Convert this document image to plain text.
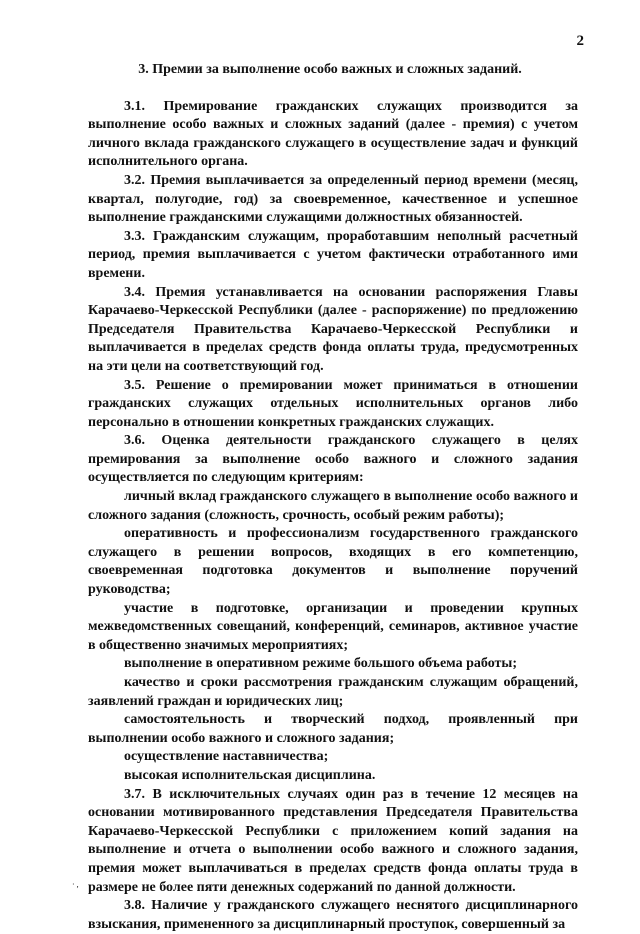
2

3. Премии за выполнение особо важных и сложных заданий.

3.1. Премирование гражданских служащих производится за выполнение особо важных и сложных заданий (далее - премия) с учетом личного вклада гражданского служащего в осуществление задач и функций исполнительного органа.

3.2. Премия выплачивается за определенный период времени (месяц, квартал, полугодие, год) за своевременное, качественное и успешное выполнение гражданскими служащими должностных обязанностей.

3.3. Гражданским служащим, проработавшим неполный расчетный период, премия выплачивается с учетом фактически отработанного ими времени.

3.4. Премия устанавливается на основании распоряжения Главы Карачаево-Черкесской Республики (далее - распоряжение) по предложению Председателя Правительства Карачаево-Черкесской Республики и выплачивается в пределах средств фонда оплаты труда, предусмотренных на эти цели на соответствующий год.

3.5. Решение о премировании может приниматься в отношении гражданских служащих отдельных исполнительных органов либо персонально в отношении конкретных гражданских служащих.

3.6. Оценка деятельности гражданского служащего в целях премирования за выполнение особо важного и сложного задания осуществляется по следующим критериям:

личный вклад гражданского служащего в выполнение особо важного и сложного задания (сложность, срочность, особый режим работы);

оперативность и профессионализм государственного гражданского служащего в решении вопросов, входящих в его компетенцию, своевременная подготовка документов и выполнение поручений руководства;

участие в подготовке, организации и проведении крупных межведомственных совещаний, конференций, семинаров, активное участие в общественно значимых мероприятиях;

выполнение в оперативном режиме большого объема работы;

качество и сроки рассмотрения гражданским служащим обращений, заявлений граждан и юридических лиц;

самостоятельность и творческий подход, проявленный при выполнении особо важного и сложного задания;

осуществление наставничества;

высокая исполнительская дисциплина.

3.7. В исключительных случаях один раз в течение 12 месяцев на основании мотивированного представления Председателя Правительства Карачаево-Черкесской Республики с приложением копий задания на выполнение и отчета о выполнении особо важного и сложного задания, премия может выплачиваться в пределах средств фонда оплаты труда в размере не более пяти денежных содержаний по данной должности.

3.8. Наличие у гражданского служащего неснятого дисциплинарного взыскания, примененного за дисциплинарный проступок, совершенный за

·,
